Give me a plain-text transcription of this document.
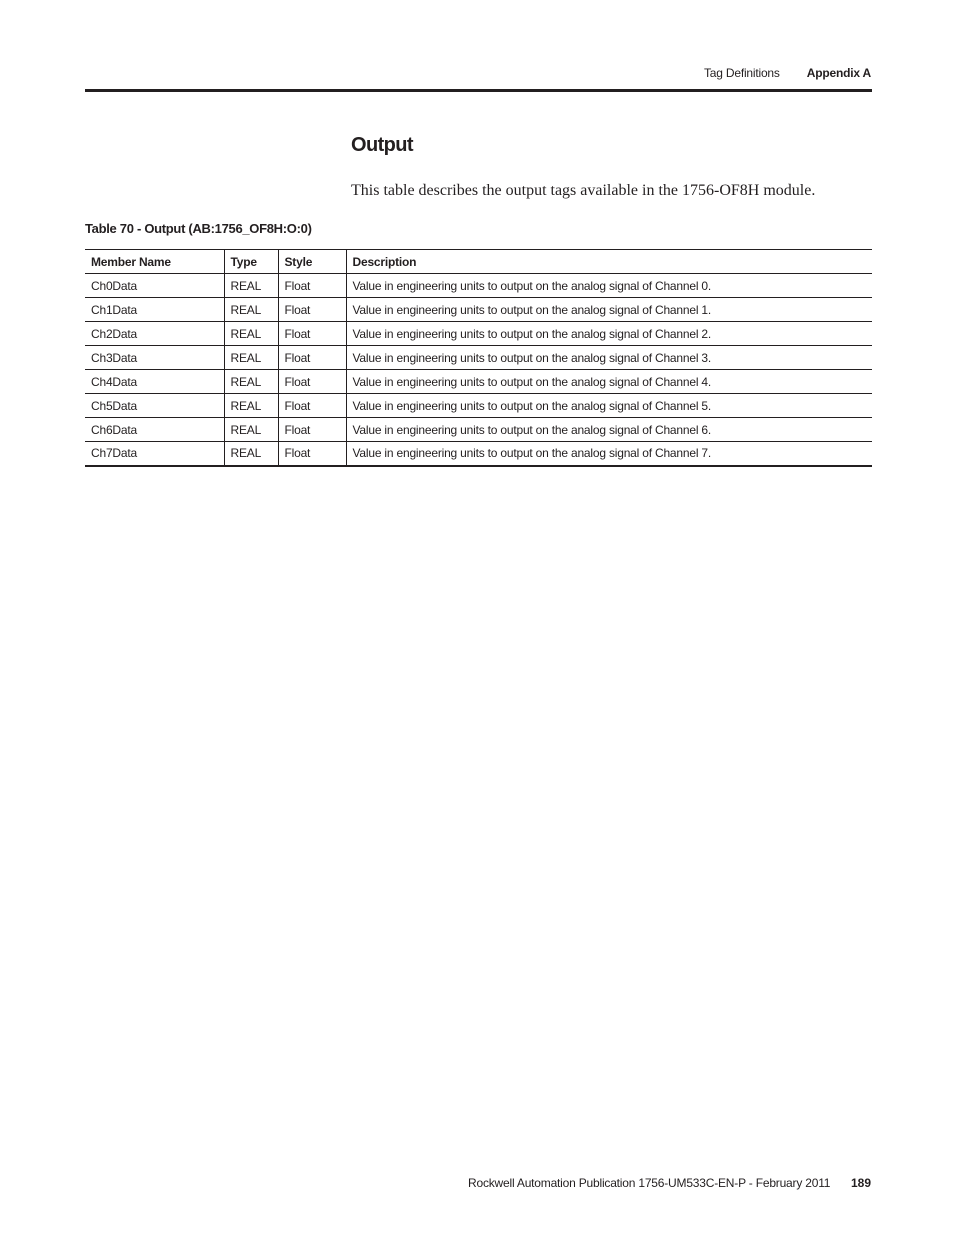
Tag Definitions Appendix A
Output

This table describes the output tags available in the 1756-OF8H module.

Table 70 - Output (AB:1756_OF8H:O:0)
Member Name	Type	Style	Description
Ch0Data	REAL	Float	Value in engineering units to output on the analog signal of Channel 0.
Ch1Data	REAL	Float	Value in engineering units to output on the analog signal of Channel 1.
Ch2Data	REAL	Float	Value in engineering units to output on the analog signal of Channel 2.
Ch3Data	REAL	Float	Value in engineering units to output on the analog signal of Channel 3.
Ch4Data	REAL	Float	Value in engineering units to output on the analog signal of Channel 4.
Ch5Data	REAL	Float	Value in engineering units to output on the analog signal of Channel 5.
Ch6Data	REAL	Float	Value in engineering units to output on the analog signal of Channel 6.
Ch7Data	REAL	Float	Value in engineering units to output on the analog signal of Channel 7.
Rockwell Automation Publication 1756-UM533C-EN-P - February 2011 189
